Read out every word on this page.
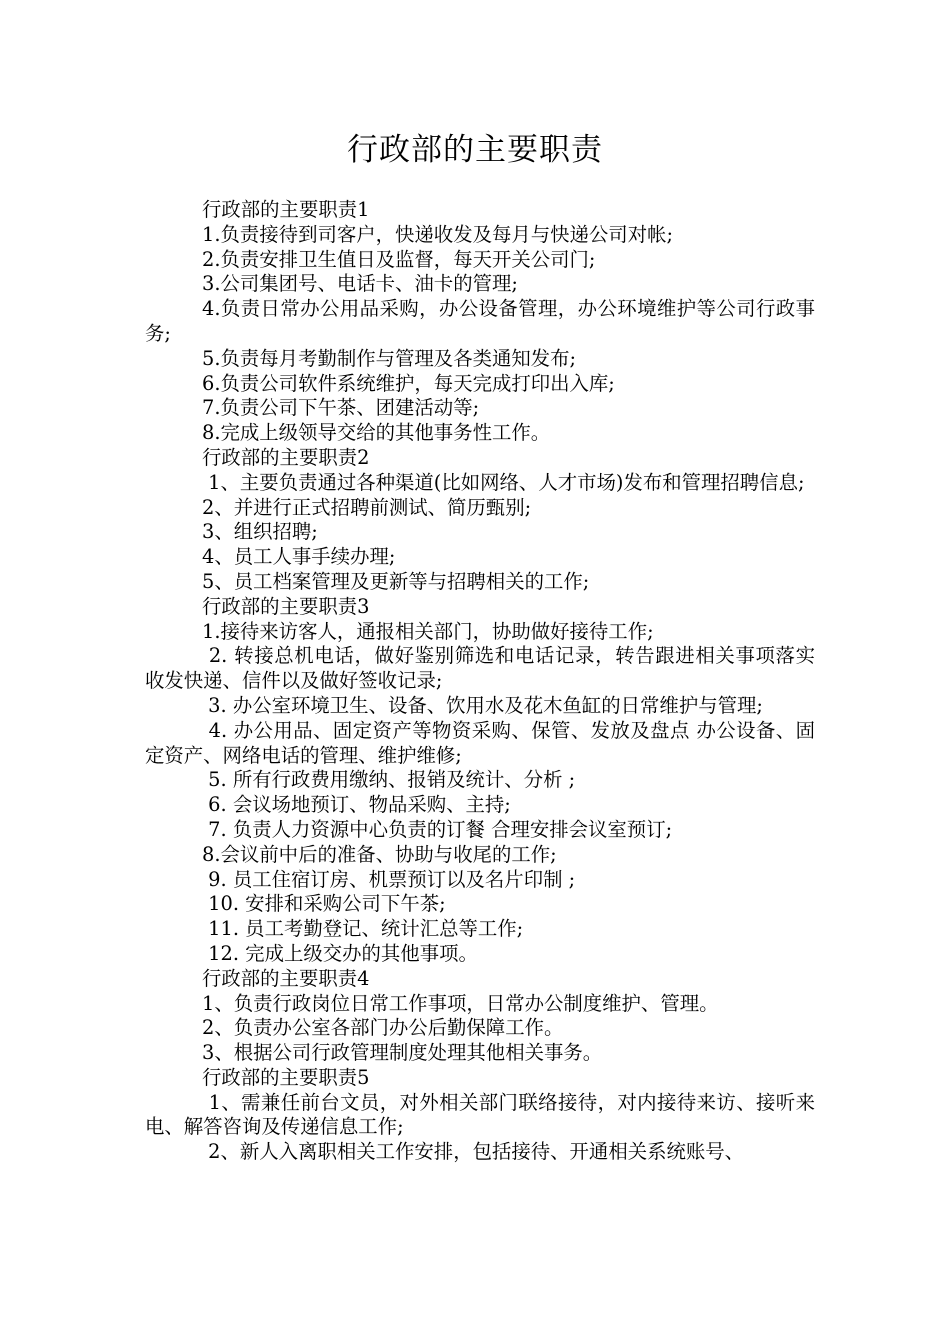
行政部的主要职责

行政部的主要职责1

1.负责接待到司客户，快递收发及每月与快递公司对帐;

2.负责安排卫生值日及监督，每天开关公司门;

3.公司集团号、电话卡、油卡的管理;

4.负责日常办公用品采购，办公设备管理，办公环境维护等公司行政事务;

5.负责每月考勤制作与管理及各类通知发布;

6.负责公司软件系统维护，每天完成打印出入库;

7.负责公司下午茶、团建活动等;

8.完成上级领导交给的其他事务性工作。

行政部的主要职责2

1、主要负责通过各种渠道(比如网络、人才市场)发布和管理招聘信息;

2、并进行正式招聘前测试、简历甄别;

3、组织招聘;

4、员工人事手续办理;

5、员工档案管理及更新等与招聘相关的工作;

行政部的主要职责3

1.接待来访客人，通报相关部门，协助做好接待工作;

2. 转接总机电话，做好鉴别筛选和电话记录，转告跟进相关事项落实 收发快递、信件以及做好签收记录;

3. 办公室环境卫生、设备、饮用水及花木鱼缸的日常维护与管理;

4. 办公用品、固定资产等物资采购、保管、发放及盘点 办公设备、固定资产、网络电话的管理、维护维修;

5. 所有行政费用缴纳、报销及统计、分析 ;

6. 会议场地预订、物品采购、主持;

7. 负责人力资源中心负责的订餐 合理安排会议室预订;

8.会议前中后的准备、协助与收尾的工作;

9. 员工住宿订房、机票预订以及名片印制 ;

10. 安排和采购公司下午茶;

11. 员工考勤登记、统计汇总等工作;

12. 完成上级交办的其他事项。

行政部的主要职责4

1、负责行政岗位日常工作事项，日常办公制度维护、管理。

2、负责办公室各部门办公后勤保障工作。

3、根据公司行政管理制度处理其他相关事务。

行政部的主要职责5

1、需兼任前台文员，对外相关部门联络接待，对内接待来访、接听来电、解答咨询及传递信息工作;

2、新人入离职相关工作安排，包括接待、开通相关系统账号、
